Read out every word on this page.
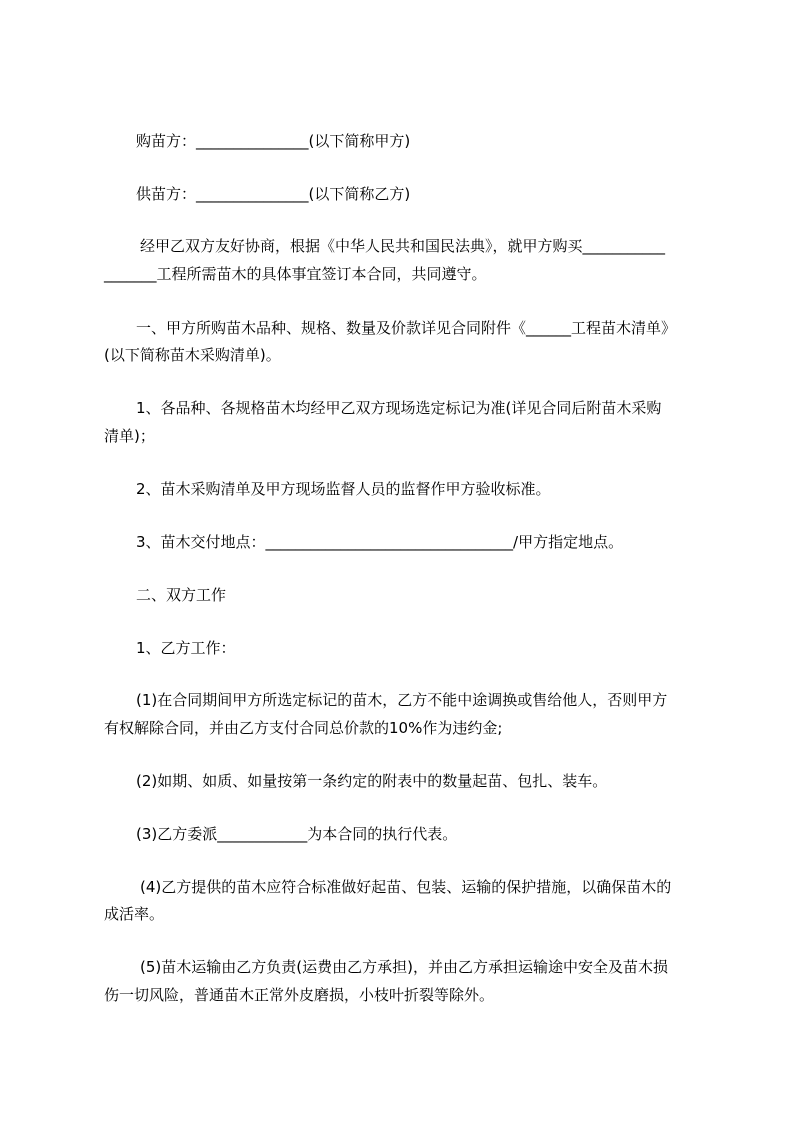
购苗方：_______________(以下简称甲方)
供苗方：_______________(以下简称乙方)
经甲乙双方友好协商，根据《中华人民共和国民法典》，就甲方购买___________
_______工程所需苗木的具体事宜签订本合同，共同遵守。
一、甲方所购苗木品种、规格、数量及价款详见合同附件《______工程苗木清单》
(以下简称苗木采购清单)。
1、各品种、各规格苗木均经甲乙双方现场选定标记为准(详见合同后附苗木采购
清单)；
2、苗木采购清单及甲方现场监督人员的监督作甲方验收标准。
3、苗木交付地点：_________________________________/甲方指定地点。
二、双方工作
1、乙方工作：
(1)在合同期间甲方所选定标记的苗木，乙方不能中途调换或售给他人，否则甲方
有权解除合同，并由乙方支付合同总价款的10%作为违约金;
(2)如期、如质、如量按第一条约定的附表中的数量起苗、包扎、装车。
(3)乙方委派____________为本合同的执行代表。
(4)乙方提供的苗木应符合标准做好起苗、包装、运输的保护措施，以确保苗木的
成活率。
(5)苗木运输由乙方负责(运费由乙方承担)，并由乙方承担运输途中安全及苗木损
伤一切风险，普通苗木正常外皮磨损，小枝叶折裂等除外。
